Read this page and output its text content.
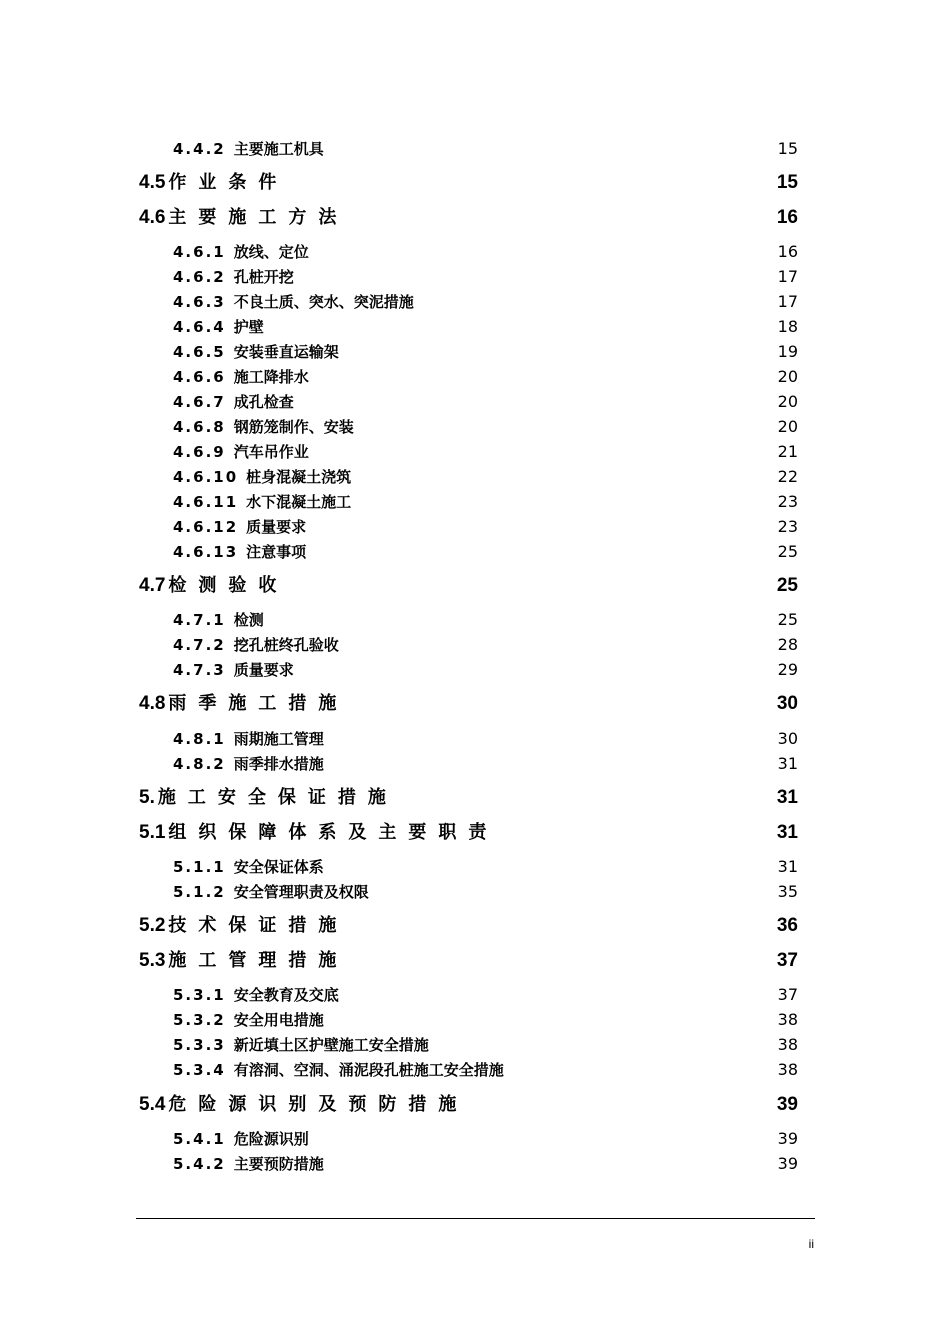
4.4.2 主要施工机具	15
4.5 作业条件	15
4.6 主要施工方法	16
4.6.1 放线、定位	16
4.6.2 孔桩开挖	17
4.6.3 不良土质、突水、突泥措施	17
4.6.4 护壁	18
4.6.5 安装垂直运输架	19
4.6.6 施工降排水	20
4.6.7 成孔检查	20
4.6.8 钢筋笼制作、安装	20
4.6.9 汽车吊作业	21
4.6.10 桩身混凝土浇筑	22
4.6.11 水下混凝土施工	23
4.6.12 质量要求	23
4.6.13 注意事项	25
4.7 检测验收	25
4.7.1 检测	25
4.7.2 挖孔桩终孔验收	28
4.7.3 质量要求	29
4.8 雨季施工措施	30
4.8.1 雨期施工管理	30
4.8.2 雨季排水措施	31
5. 施工安全保证措施	31
5.1 组织保障体系及主要职责	31
5.1.1 安全保证体系	31
5.1.2 安全管理职责及权限	35
5.2 技术保证措施	36
5.3 施工管理措施	37
5.3.1 安全教育及交底	37
5.3.2 安全用电措施	38
5.3.3 新近填土区护壁施工安全措施	38
5.3.4 有溶洞、空洞、涌泥段孔桩施工安全措施	38
5.4 危险源识别及预防措施	39
5.4.1 危险源识别	39
5.4.2 主要预防措施	39
ii
